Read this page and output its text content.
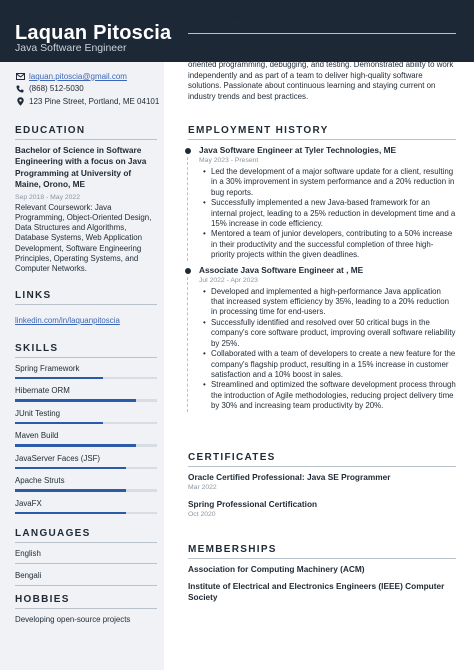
Laquan Pitoscia
Java Software Engineer
laquan.pitoscia@gmail.com
(868) 512-5030
123 Pine Street, Portland, ME 04101
EDUCATION
Bachelor of Science in Software Engineering with a focus on Java Programming at University of Maine, Orono, ME
Sep 2018 - May 2022
Relevant Coursework: Java Programming, Object-Oriented Design, Data Structures and Algorithms, Database Systems, Web Application Development, Software Engineering Principles, Operating Systems, and Computer Networks.
LINKS
linkedin.com/in/laquanpitoscia
SKILLS
Spring Framework
Hibernate ORM
JUnit Testing
Maven Build
JavaServer Faces (JSF)
Apache Struts
JavaFX
LANGUAGES
English
Bengali
HOBBIES
Developing open-source projects
PROFILE
Java Software Engineer with 1 year of experience in designing, developing, and implementing efficient Java-based applications. Proficient in object-oriented programming, debugging, and testing. Demonstrated ability to work independently and as part of a team to deliver high-quality software solutions. Passionate about continuous learning and staying current on industry trends and best practices.
EMPLOYMENT HISTORY
Java Software Engineer at Tyler Technologies, ME
May 2023 - Present
• Led the development of a major software update for a client, resulting in a 30% improvement in system performance and a 20% reduction in bug reports.
• Successfully implemented a new Java-based framework for an internal project, leading to a 25% reduction in development time and a 15% increase in code efficiency.
• Mentored a team of junior developers, contributing to a 50% increase in their productivity and the successful completion of three high-priority projects within the given deadlines.
Associate Java Software Engineer at , ME
Jul 2022 - Apr 2023
• Developed and implemented a high-performance Java application that increased system efficiency by 35%, leading to a 20% reduction in processing time for end-users.
• Successfully identified and resolved over 50 critical bugs in the company's core software product, improving overall software reliability by 25%.
• Collaborated with a team of developers to create a new feature for the company's flagship product, resulting in a 15% increase in customer satisfaction and a 10% boost in sales.
• Streamlined and optimized the software development process through the introduction of Agile methodologies, reducing project delivery time by 30% and increasing team productivity by 20%.
CERTIFICATES
Oracle Certified Professional: Java SE Programmer
Mar 2022
Spring Professional Certification
Oct 2020
MEMBERSHIPS
Association for Computing Machinery (ACM)
Institute of Electrical and Electronics Engineers (IEEE) Computer Society
